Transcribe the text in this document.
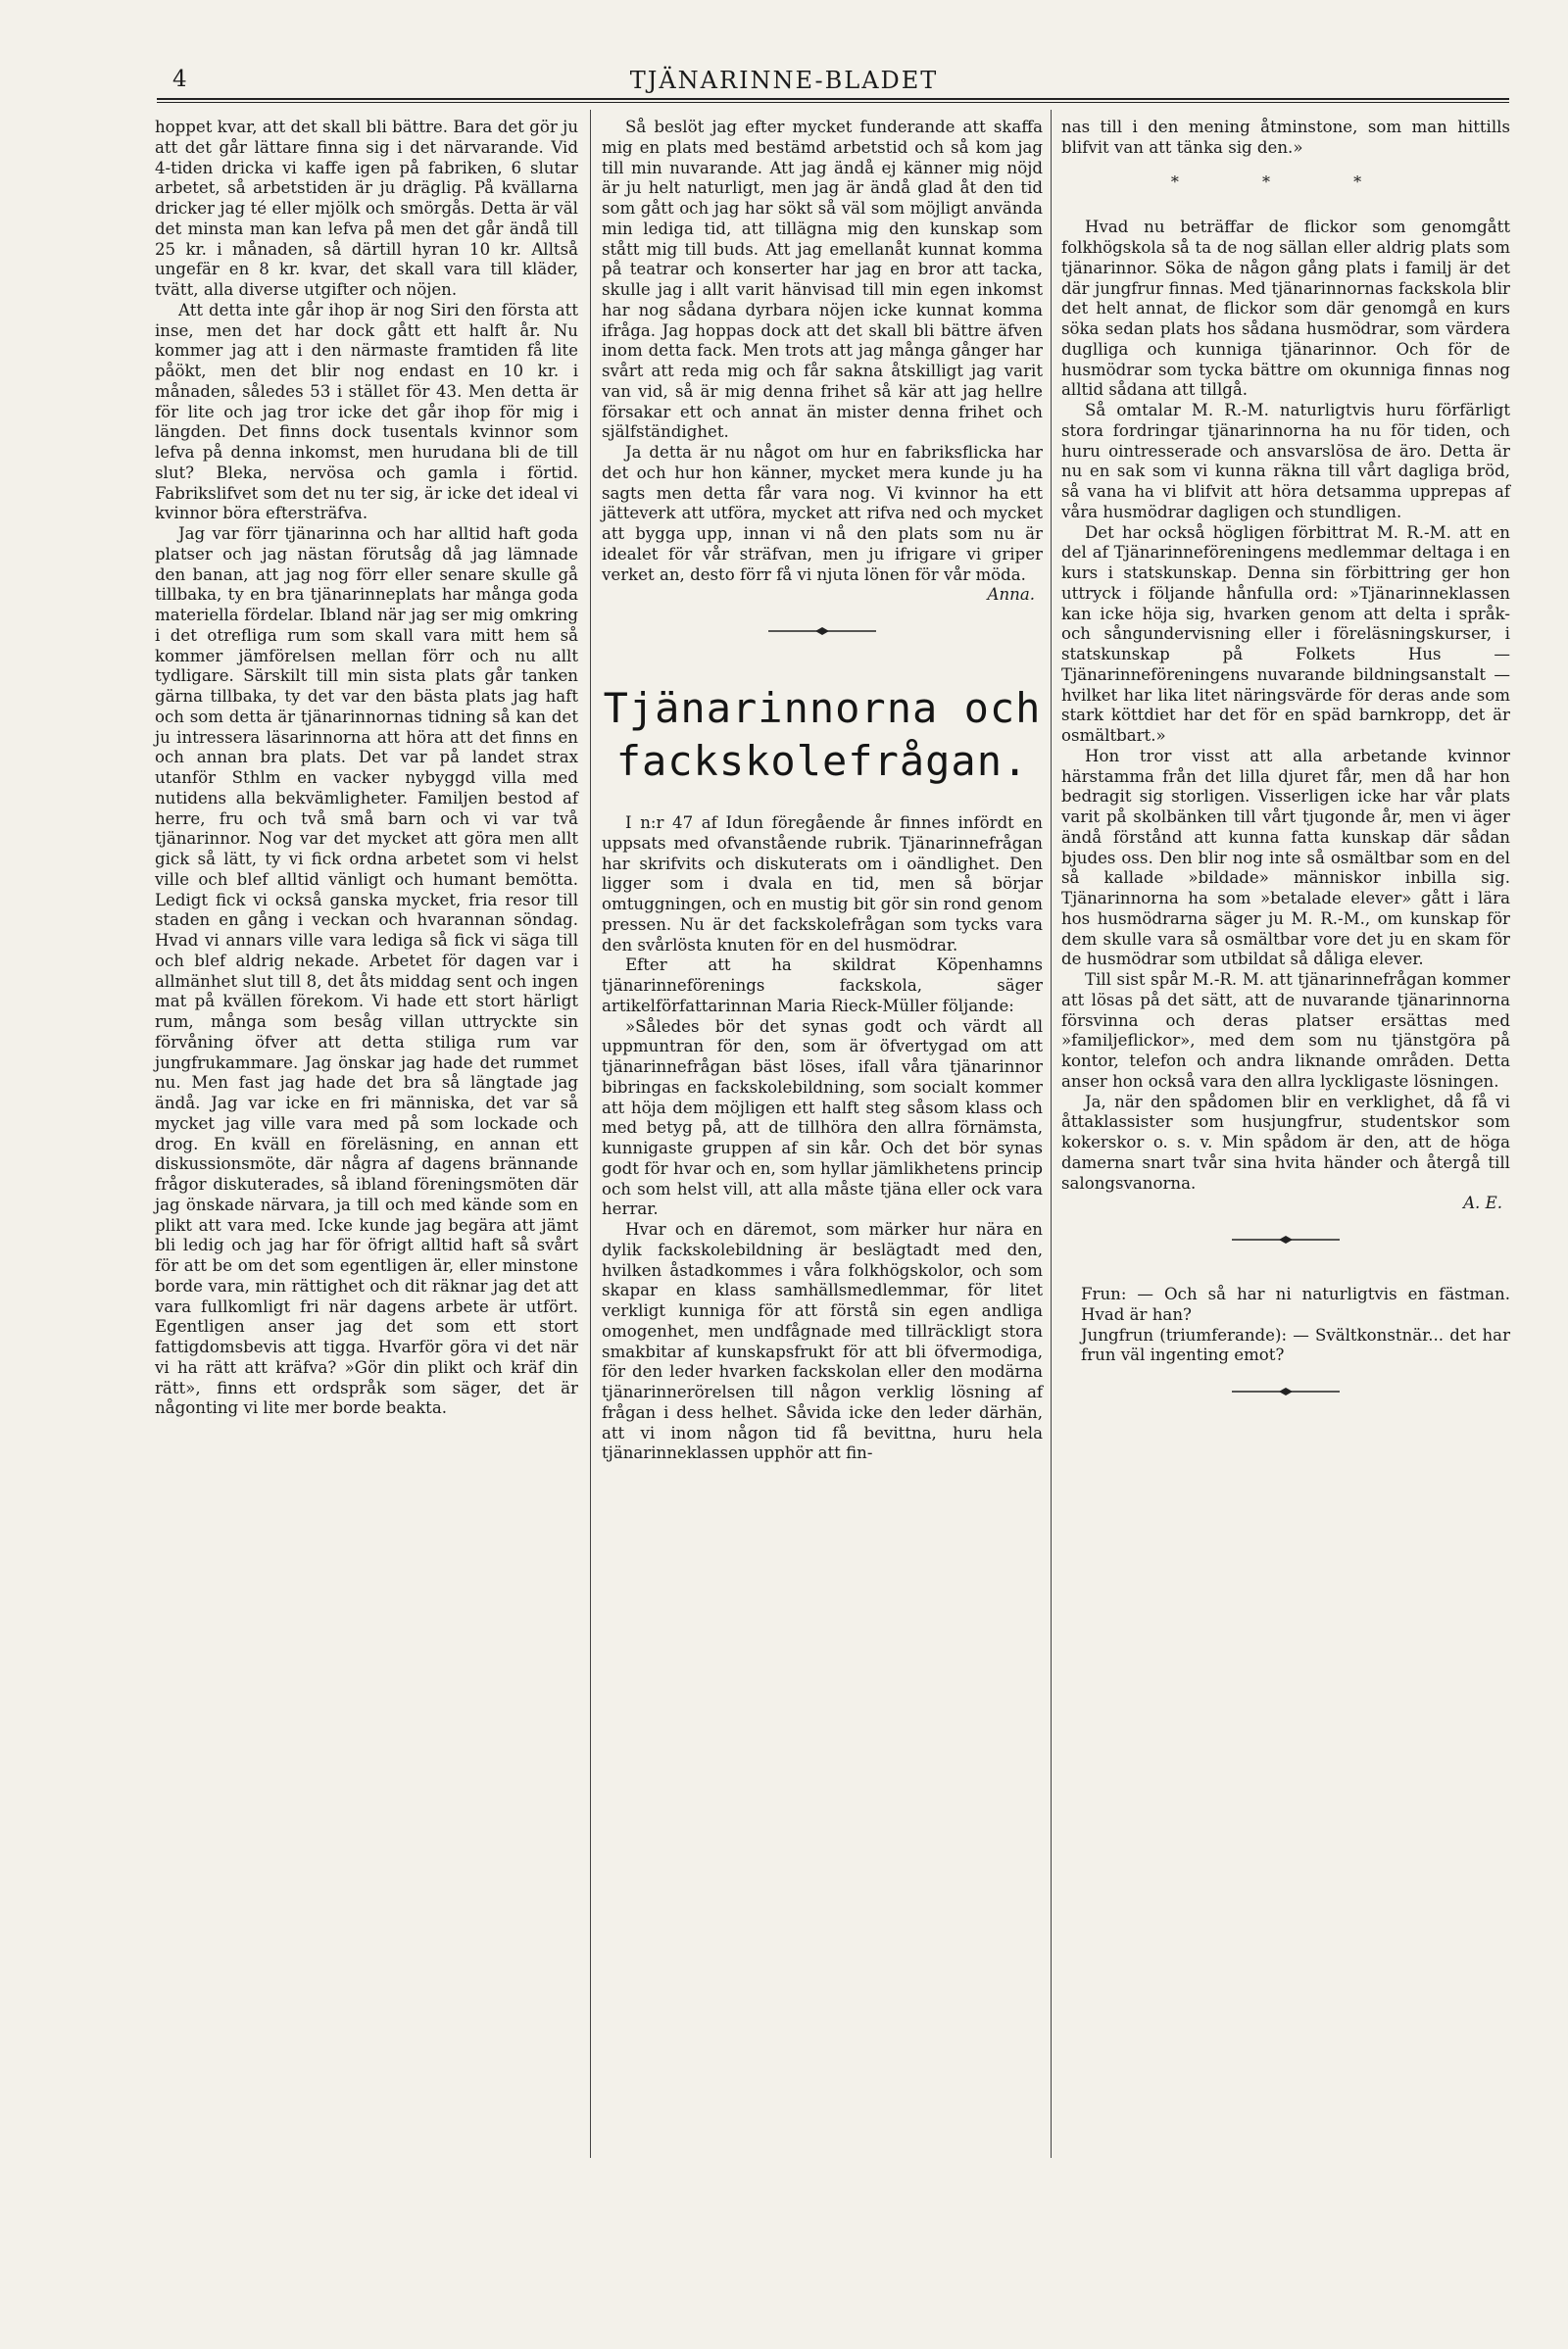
4	TJÄNARINNE-BLADET

hoppet kvar, att det skall bli bättre. Bara det gör ju att det går lättare finna sig i det närvarande. Vid 4-tiden dricka vi kaffe igen på fabriken, 6 slutar arbetet, så arbetstiden är ju dräglig. På kvällarna dricker jag té eller mjölk och smörgås. Detta är väl det minsta man kan lefva på men det går ändå till 25 kr. i månaden, så därtill hyran 10 kr. Alltså ungefär en 8 kr. kvar, det skall vara till kläder, tvätt, alla diverse utgifter och nöjen.

Att detta inte går ihop är nog Siri den första att inse, men det har dock gått ett halft år. Nu kommer jag att i den närmaste framtiden få lite påökt, men det blir nog endast en 10 kr. i månaden, således 53 i stället för 43. Men detta är för lite och jag tror icke det går ihop för mig i längden. Det finns dock tusentals kvinnor som lefva på denna inkomst, men hurudana bli de till slut? Bleka, nervösa och gamla i förtid. Fabrikslifvet som det nu ter sig, är icke det ideal vi kvinnor böra eftersträfva.

Jag var förr tjänarinna och har alltid haft goda platser och jag nästan förutsåg då jag lämnade den banan, att jag nog förr eller senare skulle gå tillbaka, ty en bra tjänarinneplats har många goda materiella fördelar. Ibland när jag ser mig omkring i det otrefliga rum som skall vara mitt hem så kommer jämförelsen mellan förr och nu allt tydligare. Särskilt till min sista plats går tanken gärna tillbaka, ty det var den bästa plats jag haft och som detta är tjänarinnornas tidning så kan det ju intressera läsarinnorna att höra att det finns en och annan bra plats. Det var på landet strax utanför Sthlm en vacker nybyggd villa med nutidens alla bekvämligheter. Familjen bestod af herre, fru och två små barn och vi var två tjänarinnor. Nog var det mycket att göra men allt gick så lätt, ty vi fick ordna arbetet som vi helst ville och blef alltid vänligt och humant bemötta. Ledigt fick vi också ganska mycket, fria resor till staden en gång i veckan och hvarannan söndag. Hvad vi annars ville vara lediga så fick vi säga till och blef aldrig nekade. Arbetet för dagen var i allmänhet slut till 8, det åts middag sent och ingen mat på kvällen förekom. Vi hade ett stort härligt rum, många som besåg villan uttryckte sin förvåning öfver att detta stiliga rum var jungfrukammare. Jag önskar jag hade det rummet nu. Men fast jag hade det bra så längtade jag ändå. Jag var icke en fri människa, det var så mycket jag ville vara med på som lockade och drog. En kväll en föreläsning, en annan ett diskussionsmöte, där några af dagens brännande frågor diskuterades, så ibland föreningsmöten där jag önskade närvara, ja till och med kände som en plikt att vara med. Icke kunde jag begära att jämt bli ledig och jag har för öfrigt alltid haft så svårt för att be om det som egentligen är, eller minstone borde vara, min rättighet och dit räknar jag det att vara fullkomligt fri när dagens arbete är utfört. Egentligen anser jag det som ett stort fattigdomsbevis att tigga. Hvarför göra vi det när vi ha rätt att kräfva? »Gör din plikt och kräf din rätt», finns ett ordspråk som säger, det är någonting vi lite mer borde beakta.

Så beslöt jag efter mycket funderande att skaffa mig en plats med bestämd arbetstid och så kom jag till min nuvarande. Att jag ändå ej känner mig nöjd är ju helt naturligt, men jag är ändå glad åt den tid som gått och jag har sökt så väl som möjligt använda min lediga tid, att tillägna mig den kunskap som stått mig till buds. Att jag emellanåt kunnat komma på teatrar och konserter har jag en bror att tacka, skulle jag i allt varit hänvisad till min egen inkomst har nog sådana dyrbara nöjen icke kunnat komma ifråga. Jag hoppas dock att det skall bli bättre äfven inom detta fack. Men trots att jag många gånger har svårt att reda mig och får sakna åtskilligt jag varit van vid, så är mig denna frihet så kär att jag hellre försakar ett och annat än mister denna frihet och själfständighet.

Ja detta är nu något om hur en fabriksflicka har det och hur hon känner, mycket mera kunde ju ha sagts men detta får vara nog. Vi kvinnor ha ett jätteverk att utföra, mycket att rifva ned och mycket att bygga upp, innan vi nå den plats som nu är idealet för vår sträfvan, men ju ifrigare vi griper verket an, desto förr få vi njuta lönen för vår möda.

Anna.

Tjänarinnorna och
fackskolefrågan.

I n:r 47 af Idun föregående år finnes infördt en uppsats med ofvanstående rubrik. Tjänarinnefrågan har skrifvits och diskuterats om i oändlighet. Den ligger som i dvala en tid, men så börjar omtuggningen, och en mustig bit gör sin rond genom pressen. Nu är det fackskolefrågan som tycks vara den svårlösta knuten för en del husmödrar.

Efter att ha skildrat Köpenhamns tjänarinneförenings fackskola, säger artikelförfattarinnan Maria Rieck-Müller följande:

»Således bör det synas godt och värdt all uppmuntran för den, som är öfvertygad om att tjänarinnefrågan bäst löses, ifall våra tjänarinnor bibringas en fackskolebildning, som socialt kommer att höja dem möjligen ett halft steg såsom klass och med betyg på, att de tillhöra den allra förnämsta, kunnigaste gruppen af sin kår. Och det bör synas godt för hvar och en, som hyllar jämlikhetens princip och som helst vill, att alla måste tjäna eller ock vara herrar.

Hvar och en däremot, som märker hur nära en dylik fackskolebildning är beslägtadt med den, hvilken åstadkommes i våra folkhögskolor, och som skapar en klass samhällsmedlemmar, för litet verkligt kunniga för att förstå sin egen andliga omogenhet, men undfågnade med tillräckligt stora smakbitar af kunskapsfrukt för att bli öfvermodiga, för den leder hvarken fackskolan eller den modärna tjänarinnerörelsen till någon verklig lösning af frågan i dess helhet. Såvida icke den leder därhän, att vi inom någon tid få bevittna, huru hela tjänarinneklassen upphör att fin-

nas till i den mening åtminstone, som man hittills blifvit van att tänka sig den.»

* * *

Hvad nu beträffar de flickor som genomgått folkhögskola så ta de nog sällan eller aldrig plats som tjänarinnor. Söka de någon gång plats i familj är det där jungfrur finnas. Med tjänarinnornas fackskola blir det helt annat, de flickor som där genomgå en kurs söka sedan plats hos sådana husmödrar, som värdera duglliga och kunniga tjänarinnor. Och för de husmödrar som tycka bättre om okunniga finnas nog alltid sådana att tillgå.

Så omtalar M. R.-M. naturligtvis huru förfärligt stora fordringar tjänarinnorna ha nu för tiden, och huru ointresserade och ansvarslösa de äro. Detta är nu en sak som vi kunna räkna till vårt dagliga bröd, så vana ha vi blifvit att höra detsamma upprepas af våra husmödrar dagligen och stundligen.

Det har också högligen förbittrat M. R.-M. att en del af Tjänarinneföreningens medlemmar deltaga i en kurs i statskunskap. Denna sin förbittring ger hon uttryck i följande hånfulla ord: »Tjänarinneklassen kan icke höja sig, hvarken genom att delta i språk- och sångundervisning eller i föreläsningskurser, i statskunskap på Folkets Hus — Tjänarinneföreningens nuvarande bildningsanstalt — hvilket har lika litet näringsvärde för deras ande som stark köttdiet har det för en späd barnkropp, det är osmältbart.»

Hon tror visst att alla arbetande kvinnor härstamma från det lilla djuret får, men då har hon bedragit sig storligen. Visserligen icke har vår plats varit på skolbänken till vårt tjugonde år, men vi äger ändå förstånd att kunna fatta kunskap där sådan bjudes oss. Den blir nog inte så osmältbar som en del så kallade »bildade» människor inbilla sig. Tjänarinnorna ha som »betalade elever» gått i lära hos husmödrarna säger ju M. R.-M., om kunskap för dem skulle vara så osmältbar vore det ju en skam för de husmödrar som utbildat så dåliga elever.

Till sist spår M.-R. M. att tjänarinnefrågan kommer att lösas på det sätt, att de nuvarande tjänarinnorna försvinna och deras platser ersättas med »familjeflickor», med dem som nu tjänstgöra på kontor, telefon och andra liknande områden. Detta anser hon också vara den allra lyckligaste lösningen.

Ja, när den spådomen blir en verklighet, då få vi åttaklassister som husjungfrur, studentskor som kokerskor o. s. v. Min spådom är den, att de höga damerna snart tvår sina hvita händer och återgå till salongsvanorna.

A. E.

Frun: — Och så har ni naturligtvis en fästman. Hvad är han?

Jungfrun (triumferande): — Svältkonstnär... det har frun väl ingenting emot?
